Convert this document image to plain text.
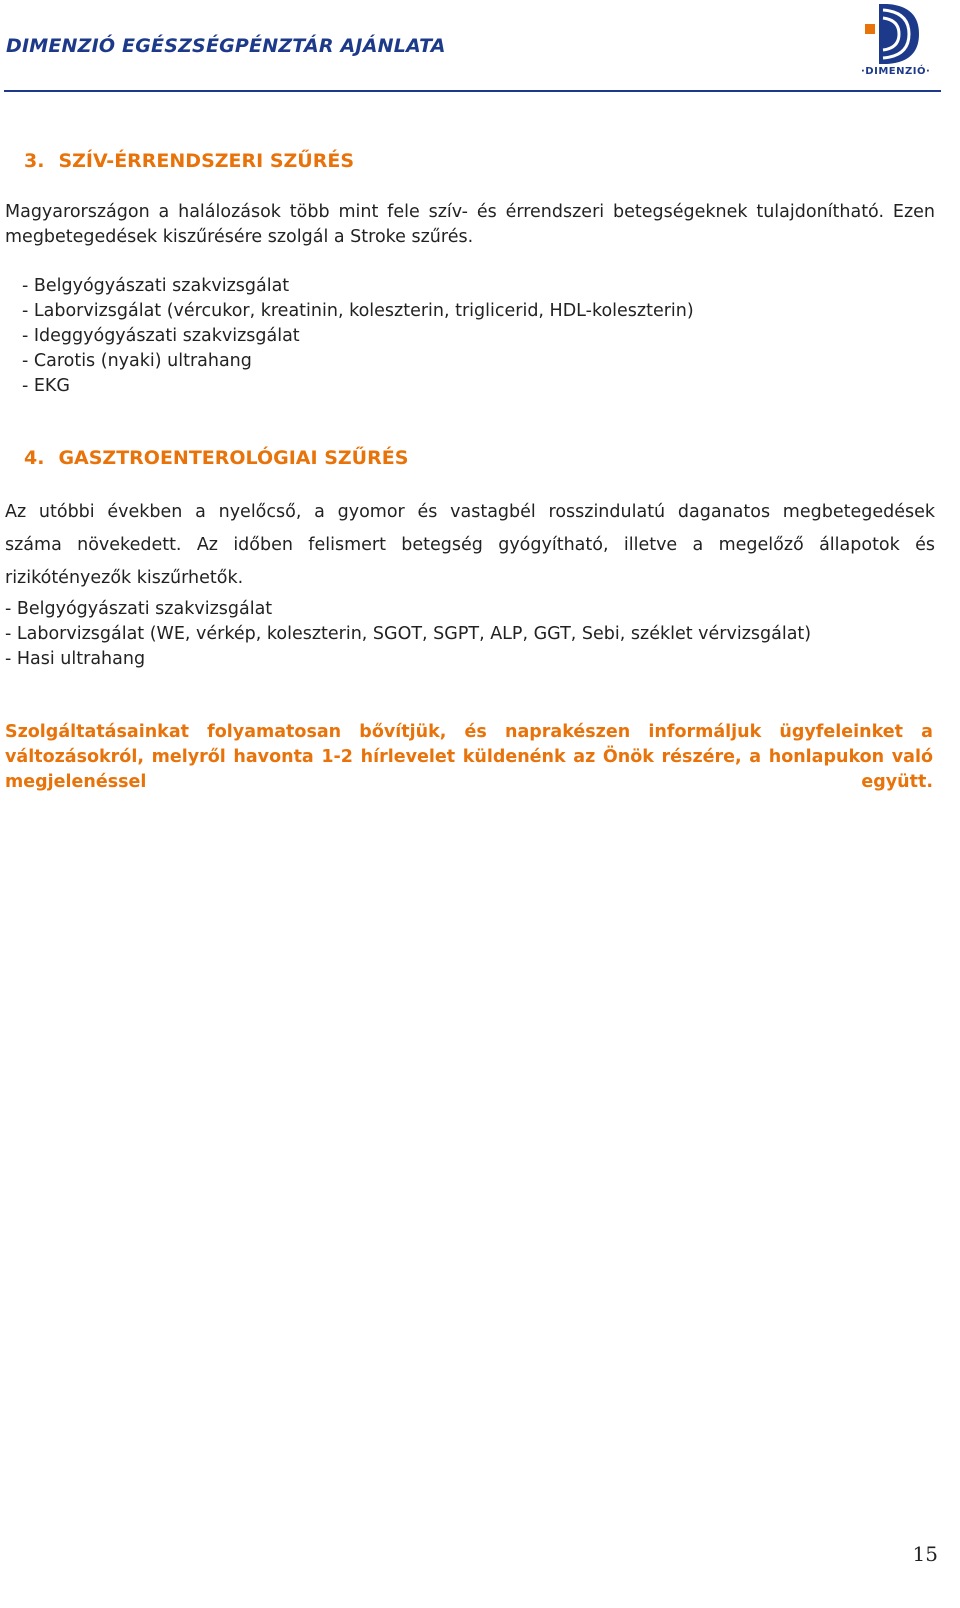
DIMENZIÓ EGÉSZSÉGPÉNZTÁR AJÁNLATA
·DIMENZIÓ·
3. SZÍV-ÉRRENDSZERI SZŰRÉS
Magyarországon a halálozások több mint fele szív- és érrendszeri betegségeknek tulajdonítható. Ezen
megbetegedések kiszűrésére szolgál a Stroke szűrés.
- Belgyógyászati szakvizsgálat
- Laborvizsgálat (vércukor, kreatinin, koleszterin, triglicerid, HDL-koleszterin)
- Ideggyógyászati szakvizsgálat
- Carotis (nyaki) ultrahang
- EKG
4. GASZTROENTEROLÓGIAI SZŰRÉS
Az utóbbi években a nyelőcső, a gyomor és vastagbél rosszindulatú daganatos megbetegedések
száma növekedett. Az időben felismert betegség gyógyítható, illetve a megelőző állapotok és
rizikótényezők kiszűrhetők.
- Belgyógyászati szakvizsgálat
- Laborvizsgálat (WE, vérkép, koleszterin, SGOT, SGPT, ALP, GGT, Sebi, széklet vérvizsgálat)
- Hasi ultrahang
Szolgáltatásainkat folyamatosan bővítjük, és naprakészen informáljuk ügyfeleinket a változásokról, melyről havonta 1-2 hírlevelet küldenénk az Önök részére, a honlapukon való megjelenéssel együtt.
15
